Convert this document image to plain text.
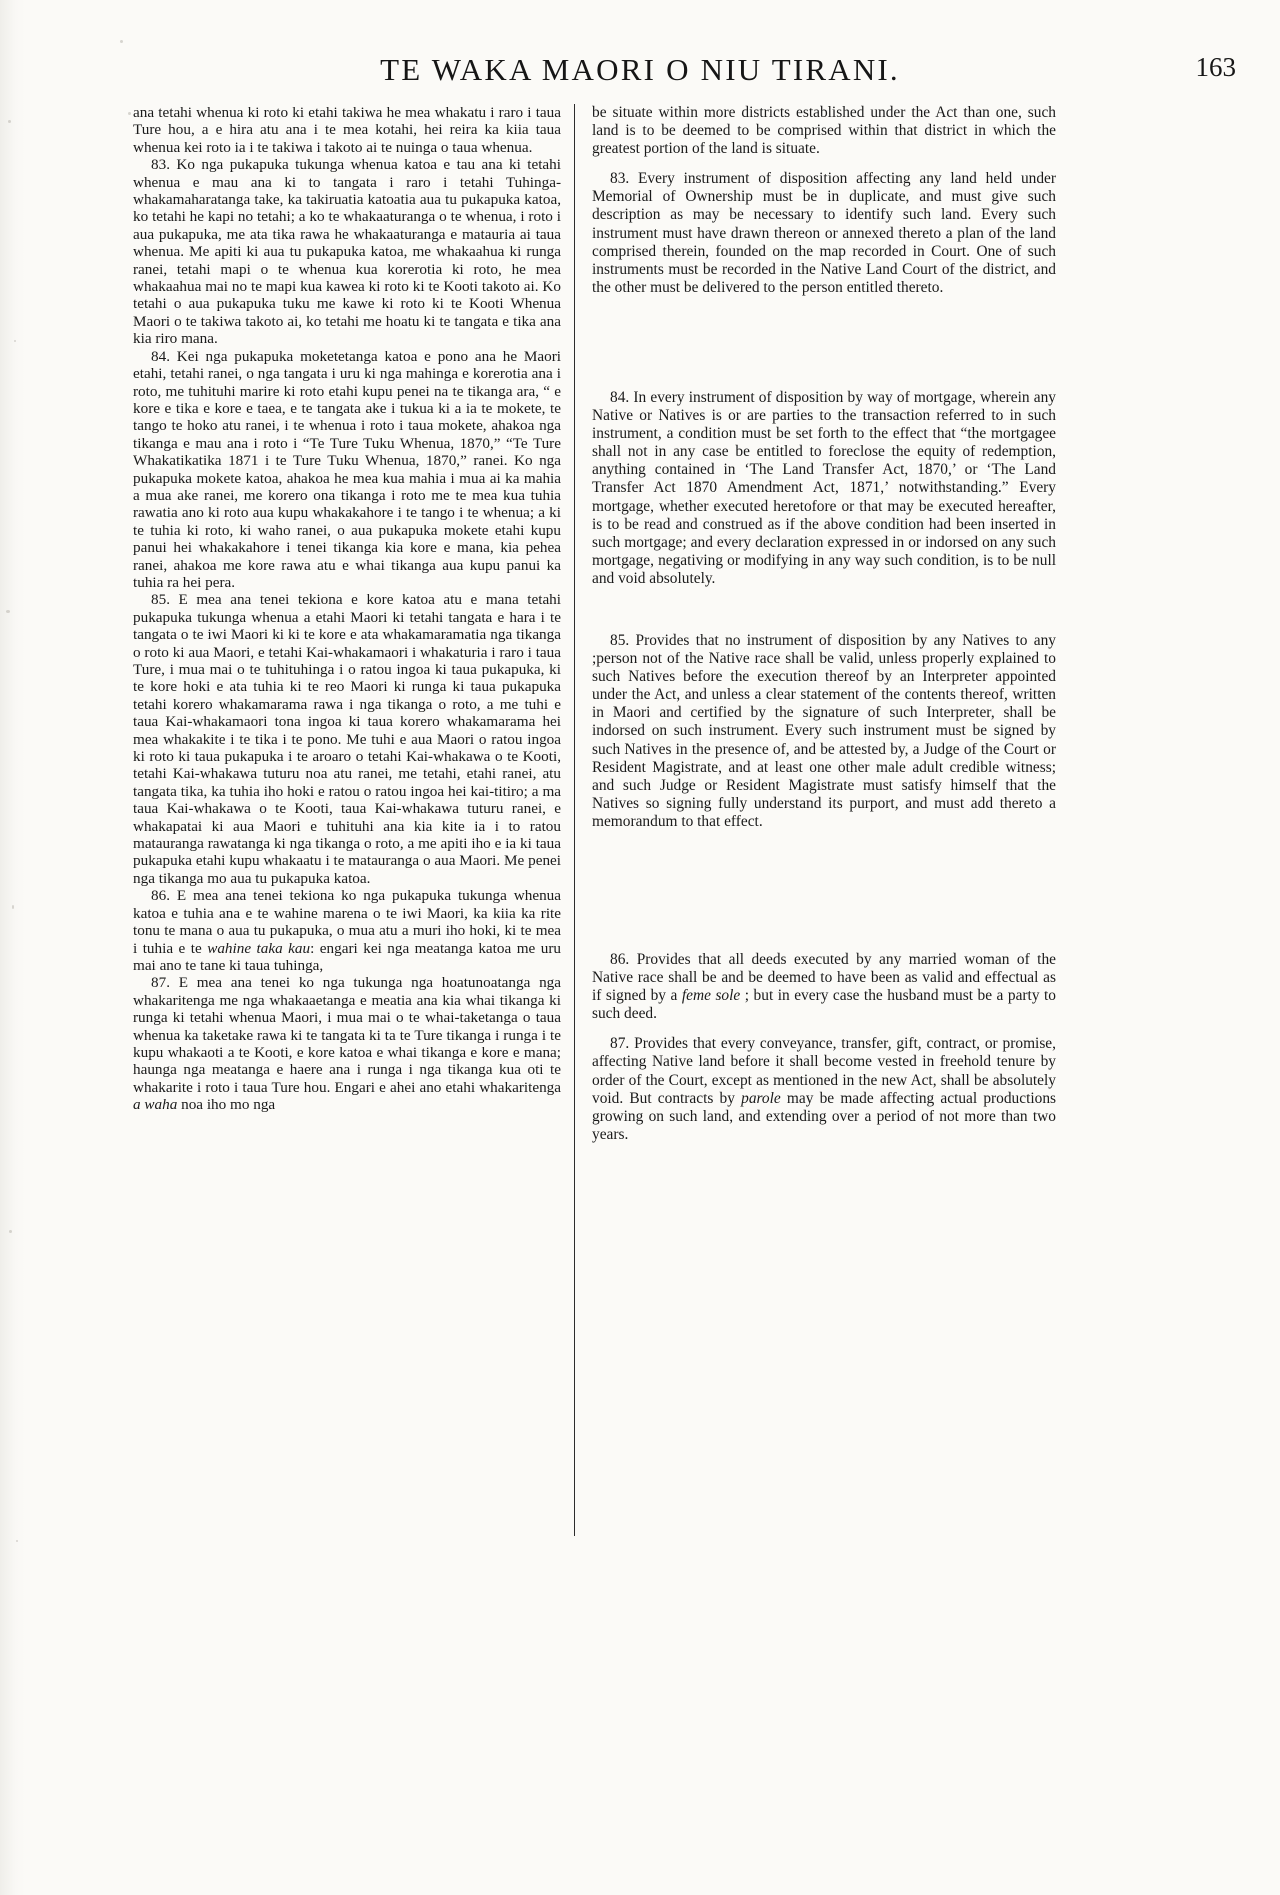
TE WAKA MAORI O NIU TIRANI.	163

ana tetahi whenua ki roto ki etahi takiwa he mea whakatu i raro i taua Ture hou, a e hira atu ana i te mea kotahi, hei reira ka kiia taua whenua kei roto ia i te takiwa i takoto ai te nuinga o taua whenua.

83. Ko nga pukapuka tukunga whenua katoa e tau ana ki tetahi whenua e mau ana ki to tangata i raro i tetahi Tuhinga-whakamaharatanga take, ka takiruatia katoatia aua tu pukapuka katoa, ko tetahi he kapi no tetahi; a ko te whakaaturanga o te whenua, i roto i aua pukapuka, me ata tika rawa he whakaaturanga e matauria ai taua whenua. Me apiti ki aua tu pukapuka katoa, me whakaahua ki runga ranei, tetahi mapi o te whenua kua korerotia ki roto, he mea whakaahua mai no te mapi kua kawea ki roto ki te Kooti takoto ai. Ko tetahi o aua pukapuka tuku me kawe ki roto ki te Kooti Whenua Maori o te takiwa takoto ai, ko tetahi me hoatu ki te tangata e tika ana kia riro mana.

84. Kei nga pukapuka moketetanga katoa e pono ana he Maori etahi, tetahi ranei, o nga tangata i uru ki nga mahinga e korerotia ana i roto, me tuhituhi marire ki roto etahi kupu penei na te tikanga ara, “ e kore e tika e kore e taea, e te tangata ake i tukua ki a ia te mokete, te tango te hoko atu ranei, i te whenua i roto i taua mokete, ahakoa nga tikanga e mau ana i roto i “Te Ture Tuku Whenua, 1870,” “Te Ture Whakatikatika 1871 i te Ture Tuku Whenua, 1870,” ranei. Ko nga pukapuka mokete katoa, ahakoa he mea kua mahia i mua ai ka mahia a mua ake ranei, me korero ona tikanga i roto me te mea kua tuhia rawatia ano ki roto aua kupu whakakahore i te tango i te whenua; a ki te tuhia ki roto, ki waho ranei, o aua pukapuka mokete etahi kupu panui hei whakakahore i tenei tikanga kia kore e mana, kia pehea ranei, ahakoa me kore rawa atu e whai tikanga aua kupu panui ka tuhia ra hei pera.

85. E mea ana tenei tekiona e kore katoa atu e mana tetahi pukapuka tukunga whenua a etahi Maori ki tetahi tangata e hara i te tangata o te iwi Maori ki ki te kore e ata whakamaramatia nga tikanga o roto ki aua Maori, e tetahi Kai-whakamaori i whakaturia i raro i taua Ture, i mua mai o te tuhituhinga i o ratou ingoa ki taua pukapuka, ki te kore hoki e ata tuhia ki te reo Maori ki runga ki taua pukapuka tetahi korero whakamarama rawa i nga tikanga o roto, a me tuhi e taua Kai-whakamaori tona ingoa ki taua korero whakamarama hei mea whakakite i te tika i te pono. Me tuhi e aua Maori o ratou ingoa ki roto ki taua pukapuka i te aroaro o tetahi Kai-whakawa o te Kooti, tetahi Kai-whakawa tuturu noa atu ranei, me tetahi, etahi ranei, atu tangata tika, ka tuhia iho hoki e ratou o ratou ingoa hei kai-titiro; a ma taua Kai-whakawa o te Kooti, taua Kai-whakawa tuturu ranei, e whakapatai ki aua Maori e tuhituhi ana kia kite ia i to ratou matauranga rawatanga ki nga tikanga o roto, a me apiti iho e ia ki taua pukapuka etahi kupu whakaatu i te matauranga o aua Maori. Me penei nga tikanga mo aua tu pukapuka katoa.

86. E mea ana tenei tekiona ko nga pukapuka tukunga whenua katoa e tuhia ana e te wahine marena o te iwi Maori, ka kiia ka rite tonu te mana o aua tu pukapuka, o mua atu a muri iho hoki, ki te mea i tuhia e te wahine taka kau: engari kei nga meatanga katoa me uru mai ano te tane ki taua tuhinga,

87. E mea ana tenei ko nga tukunga nga hoatunoatanga nga whakaritenga me nga whakaaetanga e meatia ana kia whai tikanga ki runga ki tetahi whenua Maori, i mua mai o te whai-taketanga o taua whenua ka taketake rawa ki te tangata ki ta te Ture tikanga i runga i te kupu whakaoti a te Kooti, e kore katoa e whai tikanga e kore e mana; haunga nga meatanga e haere ana i runga i nga tikanga kua oti te whakarite i roto i taua Ture hou. Engari e ahei ano etahi whakaritenga a waha noa iho mo nga

be situate within more districts established under the Act than one, such land is to be deemed to be comprised within that district in which the greatest portion of the land is situate.

83. Every instrument of disposition affecting any land held under Memorial of Ownership must be in duplicate, and must give such description as may be necessary to identify such land. Every such instrument must have drawn thereon or annexed thereto a plan of the land comprised therein, founded on the map recorded in Court. One of such instruments must be recorded in the Native Land Court of the district, and the other must be delivered to the person entitled thereto.

84. In every instrument of disposition by way of mortgage, wherein any Native or Natives is or are parties to the transaction referred to in such instrument, a condition must be set forth to the effect that “the mortgagee shall not in any case be entitled to foreclose the equity of redemption, anything contained in ‘The Land Transfer Act, 1870,’ or ‘The Land Transfer Act 1870 Amendment Act, 1871,’ notwithstanding.” Every mortgage, whether executed heretofore or that may be executed hereafter, is to be read and construed as if the above condition had been inserted in such mortgage; and every declaration expressed in or indorsed on any such mortgage, negativing or modifying in any way such condition, is to be null and void absolutely.

85. Provides that no instrument of disposition by any Natives to any ;person not of the Native race shall be valid, unless properly explained to such Natives before the execution thereof by an Interpreter appointed under the Act, and unless a clear statement of the contents thereof, written in Maori and certified by the signature of such Interpreter, shall be indorsed on such instrument. Every such instrument must be signed by such Natives in the presence of, and be attested by, a Judge of the Court or Resident Magistrate, and at least one other male adult credible witness; and such Judge or Resident Magistrate must satisfy himself that the Natives so signing fully understand its purport, and must add thereto a memorandum to that effect.

86. Provides that all deeds executed by any married woman of the Native race shall be and be deemed to have been as valid and effectual as if signed by a feme sole ; but in every case the husband must be a party to such deed.

87. Provides that every conveyance, transfer, gift, contract, or promise, affecting Native land before it shall become vested in freehold tenure by order of the Court, except as mentioned in the new Act, shall be absolutely void. But contracts by parole may be made affecting actual productions growing on such land, and extending over a period of not more than two years.
